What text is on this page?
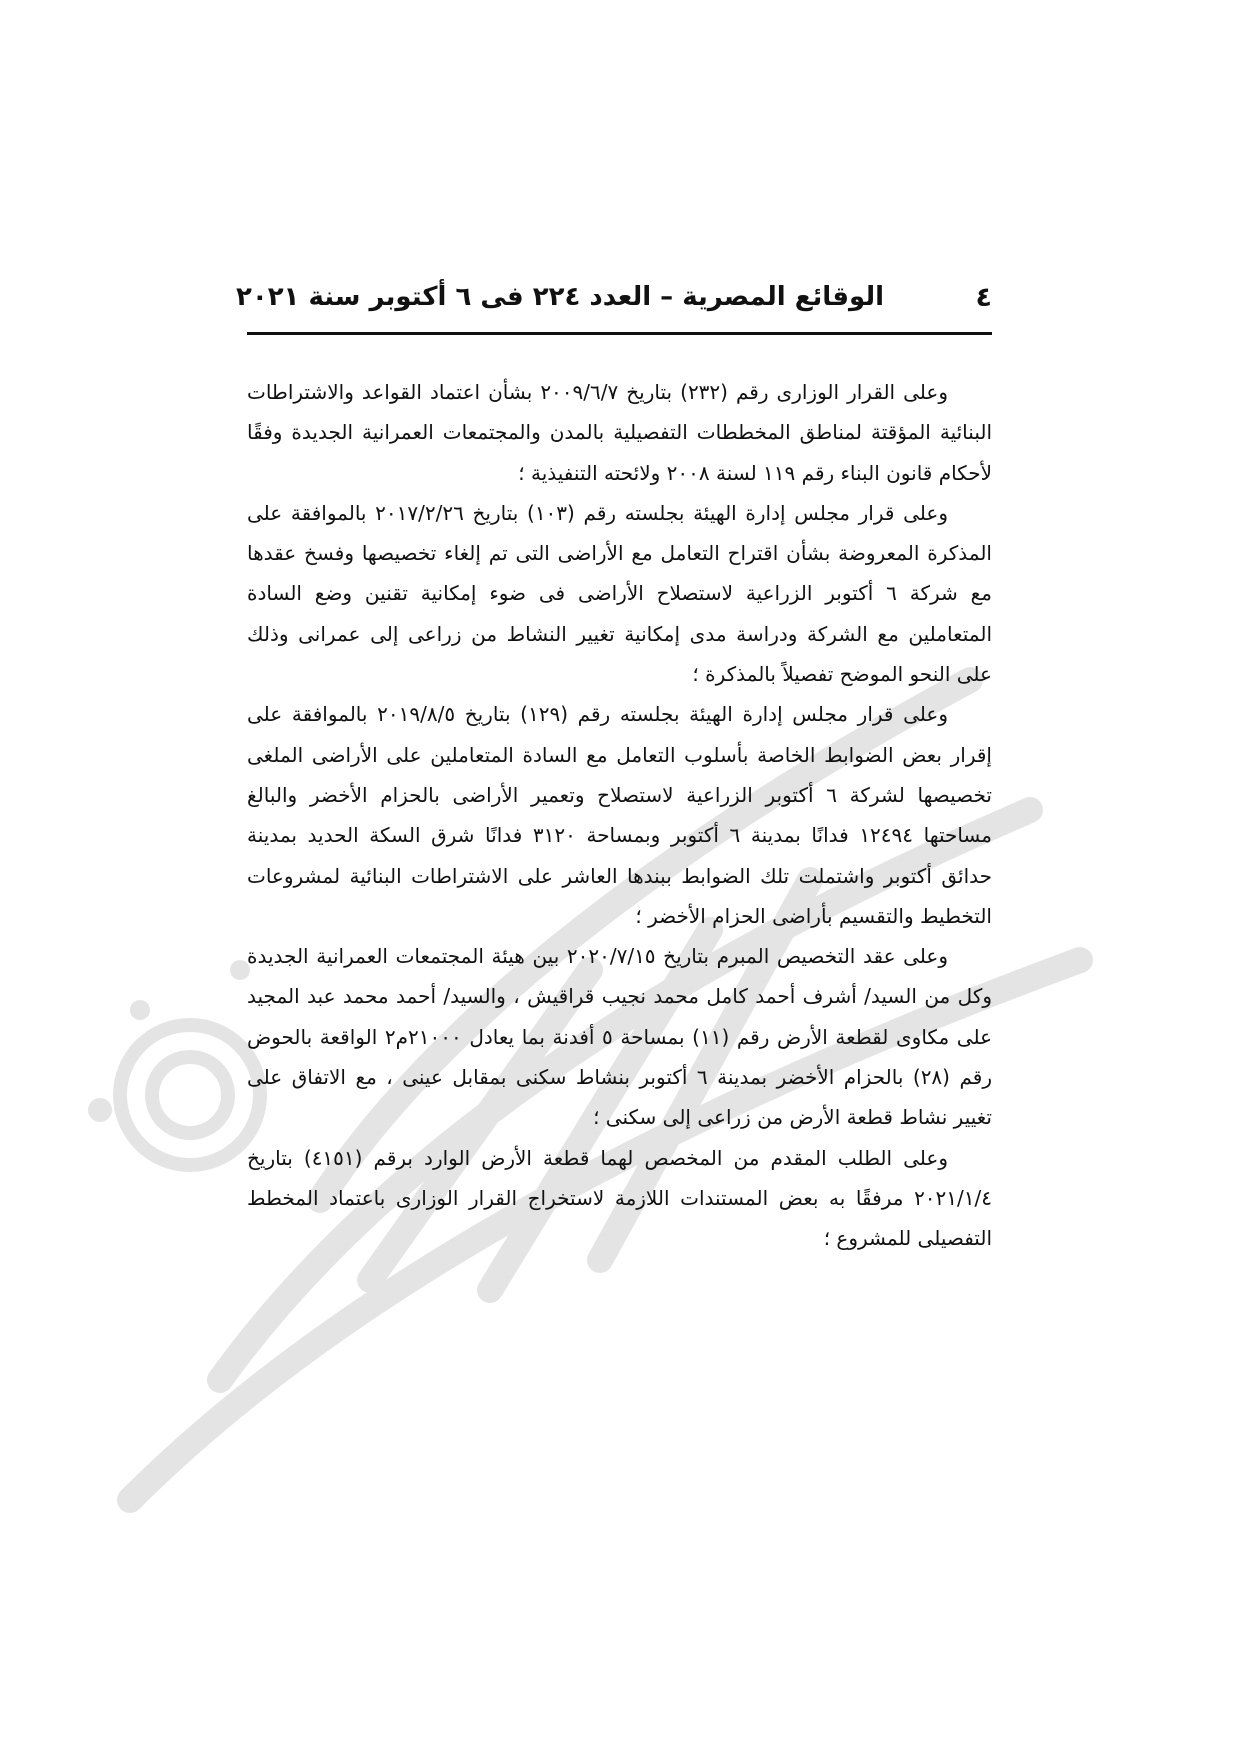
٤
الوقائع المصرية – العدد ٢٢٤ فى ٦ أكتوبر سنة ٢٠٢١

وعلى القرار الوزارى رقم (٢٣٢) بتاريخ ٢٠٠٩/٦/٧ بشأن اعتماد القواعد والاشتراطات البنائية المؤقتة لمناطق المخططات التفصيلية بالمدن والمجتمعات العمرانية الجديدة وفقًا لأحكام قانون البناء رقم ١١٩ لسنة ٢٠٠٨ ولائحته التنفيذية ؛

وعلى قرار مجلس إدارة الهيئة بجلسته رقم (١٠٣) بتاريخ ٢٠١٧/٢/٢٦ بالموافقة على المذكرة المعروضة بشأن اقتراح التعامل مع الأراضى التى تم إلغاء تخصيصها وفسخ عقدها مع شركة ٦ أكتوبر الزراعية لاستصلاح الأراضى فى ضوء إمكانية تقنين وضع السادة المتعاملين مع الشركة ودراسة مدى إمكانية تغيير النشاط من زراعى إلى عمرانى وذلك على النحو الموضح تفصيلاً بالمذكرة ؛

وعلى قرار مجلس إدارة الهيئة بجلسته رقم (١٢٩) بتاريخ ٢٠١٩/٨/٥ بالموافقة على إقرار بعض الضوابط الخاصة بأسلوب التعامل مع السادة المتعاملين على الأراضى الملغى تخصيصها لشركة ٦ أكتوبر الزراعية لاستصلاح وتعمير الأراضى بالحزام الأخضر والبالغ مساحتها ١٢٤٩٤ فدانًا بمدينة ٦ أكتوبر وبمساحة ٣١٢٠ فدانًا شرق السكة الحديد بمدينة حدائق أكتوبر واشتملت تلك الضوابط ببندها العاشر على الاشتراطات البنائية لمشروعات التخطيط والتقسيم بأراضى الحزام الأخضر ؛

وعلى عقد التخصيص المبرم بتاريخ ٢٠٢٠/٧/١٥ بين هيئة المجتمعات العمرانية الجديدة وكل من السيد/ أشرف أحمد كامل محمد نجيب قراقيش ، والسيد/ أحمد محمد عبد المجيد على مكاوى لقطعة الأرض رقم (١١) بمساحة ٥ أفدنة بما يعادل ٢١٠٠٠م٢ الواقعة بالحوض رقم (٢٨) بالحزام الأخضر بمدينة ٦ أكتوبر بنشاط سكنى بمقابل عينى ، مع الاتفاق على تغيير نشاط قطعة الأرض من زراعى إلى سكنى ؛

وعلى الطلب المقدم من المخصص لهما قطعة الأرض الوارد برقم (٤١٥١) بتاريخ ٢٠٢١/١/٤ مرفقًا به بعض المستندات اللازمة لاستخراج القرار الوزارى باعتماد المخطط التفصيلى للمشروع ؛
